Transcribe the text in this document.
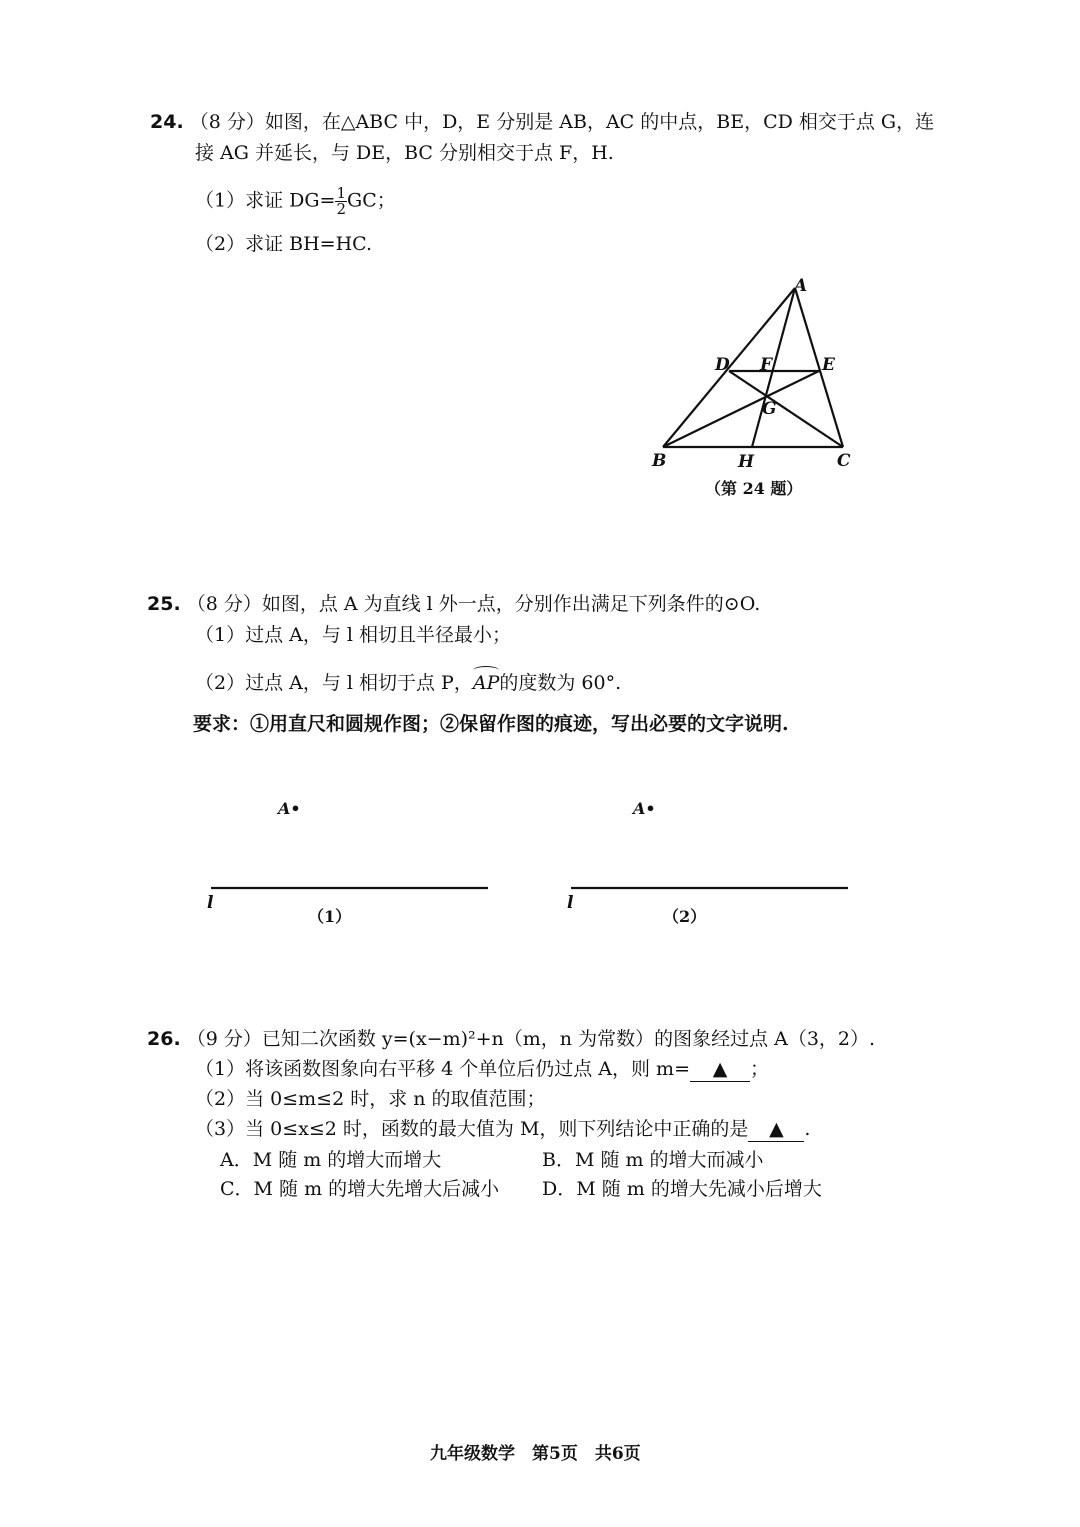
24. （8 分）如图，在△ABC 中，D，E 分别是 AB，AC 的中点，BE，CD 相交于点 G，连
接 AG 并延长，与 DE，BC 分别相交于点 F，H.
（1）求证 $DG= \frac{1}{2}$ GC；
（2）求证 BH=HC.
A
D F	E
G
B	H	C
（第 24 题）
25. （8 分）如图，点 A 为直线 l 外一点，分别作出满足下列条件的⊙O.
（1）过点 A，与 l 相切且半径最小；
（2）过点 A，与 l 相切于点 P，AP的度数为 60°.
要求：①用直尺和圆规作图；②保留作图的痕迹，写出必要的文字说明.
A•
l
（1）
A•
l
（2）
26. （9 分）已知二次函数 y=(x−m)²+n（m，n 为常数）的图象经过点 A（3，2）.
（1）将该函数图象向右平移 4 个单位后仍过点 A，则 m= ▲ ；
（2）当 0≤m≤2 时，求 n 的取值范围；
（3）当 0≤x≤2 时，函数的最大值为 M，则下列结论中正确的是 ▲ .
A．M 随 m 的增大而增大	B．M 随 m 的增大而减小
C．M 随 m 的增大先增大后减小 D．M 随 m 的增大先减小后增大
九年级数学　第5页　共6页
